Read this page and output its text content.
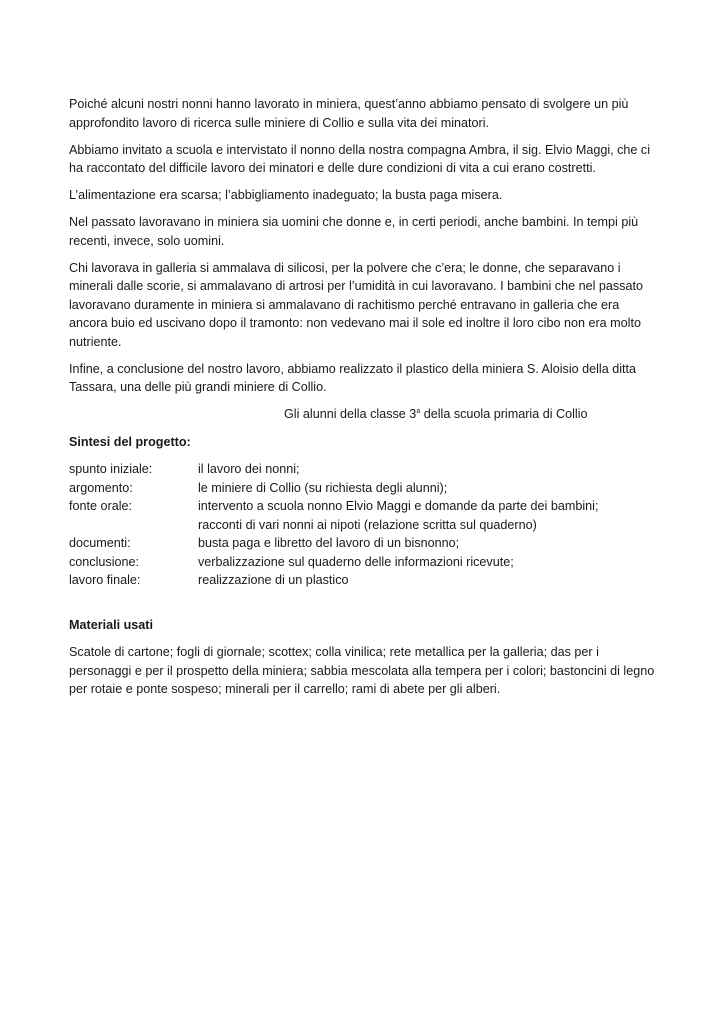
Poiché alcuni nostri nonni hanno lavorato in miniera, quest’anno abbiamo pensato di svolgere un più approfondito lavoro di ricerca sulle miniere di Collio e sulla vita dei minatori.

Abbiamo invitato a scuola e intervistato il nonno della nostra compagna Ambra, il sig. Elvio Maggi, che ci ha raccontato del difficile lavoro dei minatori e delle dure condizioni di vita a cui erano costretti.

L’alimentazione era scarsa; l’abbigliamento inadeguato; la busta paga misera.

Nel passato lavoravano in miniera sia uomini che donne e, in certi periodi, anche bambini. In tempi più recenti, invece, solo uomini.

Chi lavorava in galleria si ammalava di silicosi, per la polvere che c’era; le donne, che separavano i minerali dalle scorie, si ammalavano di artrosi per l’umidità in cui lavoravano. I bambini che nel passato lavoravano duramente in miniera si ammalavano di rachitismo perché entravano in galleria che era ancora buio ed uscivano dopo il tramonto: non vedevano mai il sole ed inoltre il loro cibo non era molto nutriente.

Infine, a conclusione del nostro lavoro, abbiamo realizzato il plastico della miniera S. Aloisio della ditta Tassara, una delle più grandi miniere di Collio.

Gli alunni della classe 3$^a$ della scuola primaria di Collio

Sintesi del progetto:
spunto iniziale:	il lavoro dei nonni;
argomento:	le miniere di Collio (su richiesta degli alunni);
fonte orale:	intervento a scuola nonno Elvio Maggi e domande da parte dei bambini;
racconti di vari nonni ai nipoti (relazione scritta sul quaderno)
documenti:	busta paga e libretto del lavoro di un bisnonno;
conclusione:	verbalizzazione sul quaderno delle informazioni ricevute;
lavoro finale:	realizzazione di un plastico
Materiali usati

Scatole di cartone; fogli di giornale; scottex; colla vinilica; rete metallica per la galleria; das per i personaggi e per il prospetto della miniera; sabbia mescolata alla tempera per i colori; bastoncini di legno per rotaie e ponte sospeso; minerali per il carrello; rami di abete per gli alberi.
